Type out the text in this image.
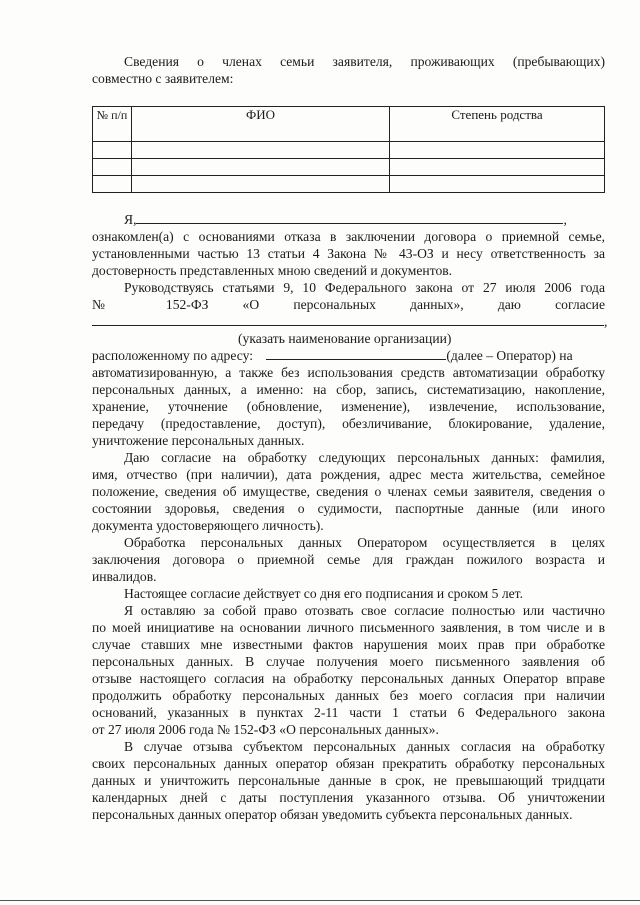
Сведения о членах семьи заявителя, проживающих (пребывающих)
совместно с заявителем:
№ п/п	ФИО	Степень родства

Я,	,
ознакомлен(а) с основаниями отказа в заключении договора о приемной семье,
установленными частью 13 статьи 4 Закона № 43-ОЗ и несу ответственность за
достоверность представленных мною сведений и документов.
Руководствуясь статьями 9, 10 Федерального закона от 27 июля 2006 года
№ 152-ФЗ «О персональных данных», даю согласие
,
(указать наименование организации)
расположенному по адресу:	(далее – Оператор) на
автоматизированную, а также без использования средств автоматизации обработку
персональных данных, а именно: на сбор, запись, систематизацию, накопление,
хранение, уточнение (обновление, изменение), извлечение, использование,
передачу (предоставление, доступ), обезличивание, блокирование, удаление,
уничтожение персональных данных.
Даю согласие на обработку следующих персональных данных: фамилия,
имя, отчество (при наличии), дата рождения, адрес места жительства, семейное
положение, сведения об имуществе, сведения о членах семьи заявителя, сведения о
состоянии здоровья, сведения о судимости, паспортные данные (или иного
документа удостоверяющего личность).
Обработка персональных данных Оператором осуществляется в целях
заключения договора о приемной семье для граждан пожилого возраста и
инвалидов.
Настоящее согласие действует со дня его подписания и сроком 5 лет.
Я оставляю за собой право отозвать свое согласие полностью или частично
по моей инициативе на основании личного письменного заявления, в том числе и в
случае ставших мне известными фактов нарушения моих прав при обработке
персональных данных. В случае получения моего письменного заявления об
отзыве настоящего согласия на обработку персональных данных Оператор вправе
продолжить обработку персональных данных без моего согласия при наличии
оснований, указанных в пунктах 2-11 части 1 статьи 6 Федерального закона
от 27 июля 2006 года № 152-ФЗ «О персональных данных».
В случае отзыва субъектом персональных данных согласия на обработку
своих персональных данных оператор обязан прекратить обработку персональных
данных и уничтожить персональные данные в срок, не превышающий тридцати
календарных дней с даты поступления указанного отзыва. Об уничтожении
персональных данных оператор обязан уведомить субъекта персональных данных.
